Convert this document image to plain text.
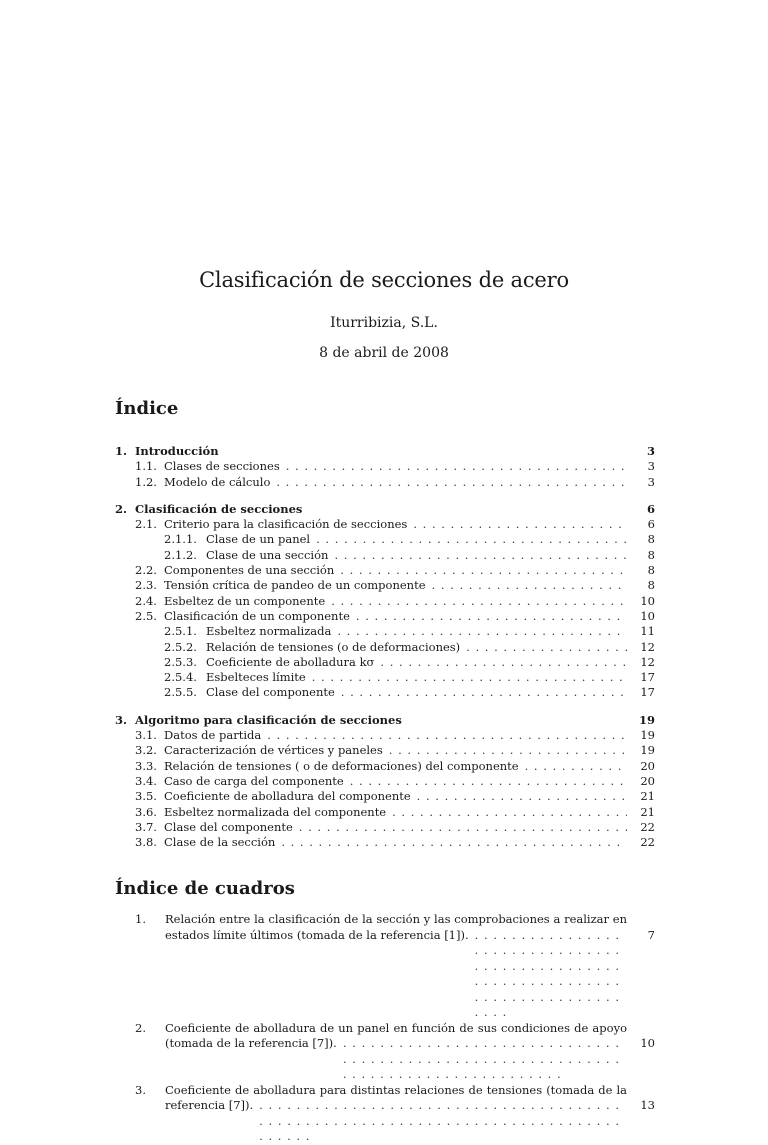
Clasificación de secciones de acero
Iturribizia, S.L.
8 de abril de 2008
Índice
1. Introducción	3
1.1. Clases de secciones . . .	3
1.2. Modelo de cálculo . . .	3
2. Clasificación de secciones	6
2.1. Criterio para la clasificación de secciones . . .	6
2.1.1. Clase de un panel . . .	8
2.1.2. Clase de una sección . . .	8
2.2. Componentes de una sección . . .	8
2.3. Tensión crítica de pandeo de un componente . . .	8
2.4. Esbeltez de un componente . . .	10
2.5. Clasificación de un componente . . .	10
2.5.1. Esbeltez normalizada . . .	11
2.5.2. Relación de tensiones (o de deformaciones) . . .	12
2.5.3. Coeficiente de abolladura kσ . . .	12
2.5.4. Esbelteces límite . . .	17
2.5.5. Clase del componente . . .	17
3. Algoritmo para clasificación de secciones	19
3.1. Datos de partida . . .	19
3.2. Caracterización de vértices y paneles . . .	19
3.3. Relación de tensiones ( o de deformaciones) del componente . . .	20
3.4. Caso de carga del componente . . .	20
3.5. Coeficiente de abolladura del componente . . .	21
3.6. Esbeltez normalizada del componente . . .	21
3.7. Clase del componente . . .	22
3.8. Clase de la sección . . .	22
Índice de cuadros
1.	Relación entre la clasificación de la sección y las comprobaciones a realizar en
estados límite últimos (tomada de la referencia [1]). . . .	7
2.	Coeficiente de abolladura de un panel en función de sus condiciones de apoyo
(tomada de la referencia [7]). . . .	10
3.	Coeficiente de abolladura para distintas relaciones de tensiones (tomada de la
referencia [7]). . . .	13
